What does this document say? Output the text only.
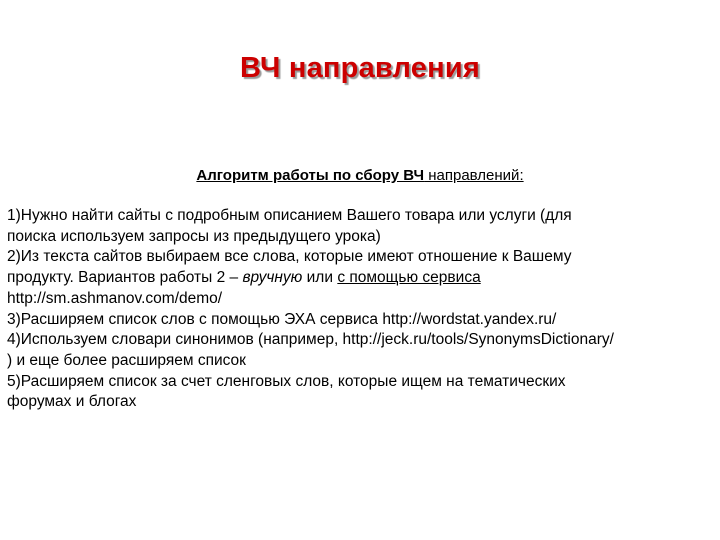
ВЧ направления
Алгоритм работы по сбору ВЧ направлений:
1)Нужно найти сайты с подробным описанием Вашего товара или услуги (для
поиска используем запросы из предыдущего урока)
2)Из текста сайтов выбираем все слова, которые имеют отношение к Вашему
продукту. Вариантов работы 2 – вручную или с помощью сервиса
http://sm.ashmanov.com/demo/
3)Расширяем список слов с помощью ЭХА сервиса http://wordstat.yandex.ru/
4)Используем словари синонимов (например, http://jeck.ru/tools/SynonymsDictionary/
) и еще более расширяем список
5)Расширяем список за счет сленговых слов, которые ищем на тематических
форумах и блогах
